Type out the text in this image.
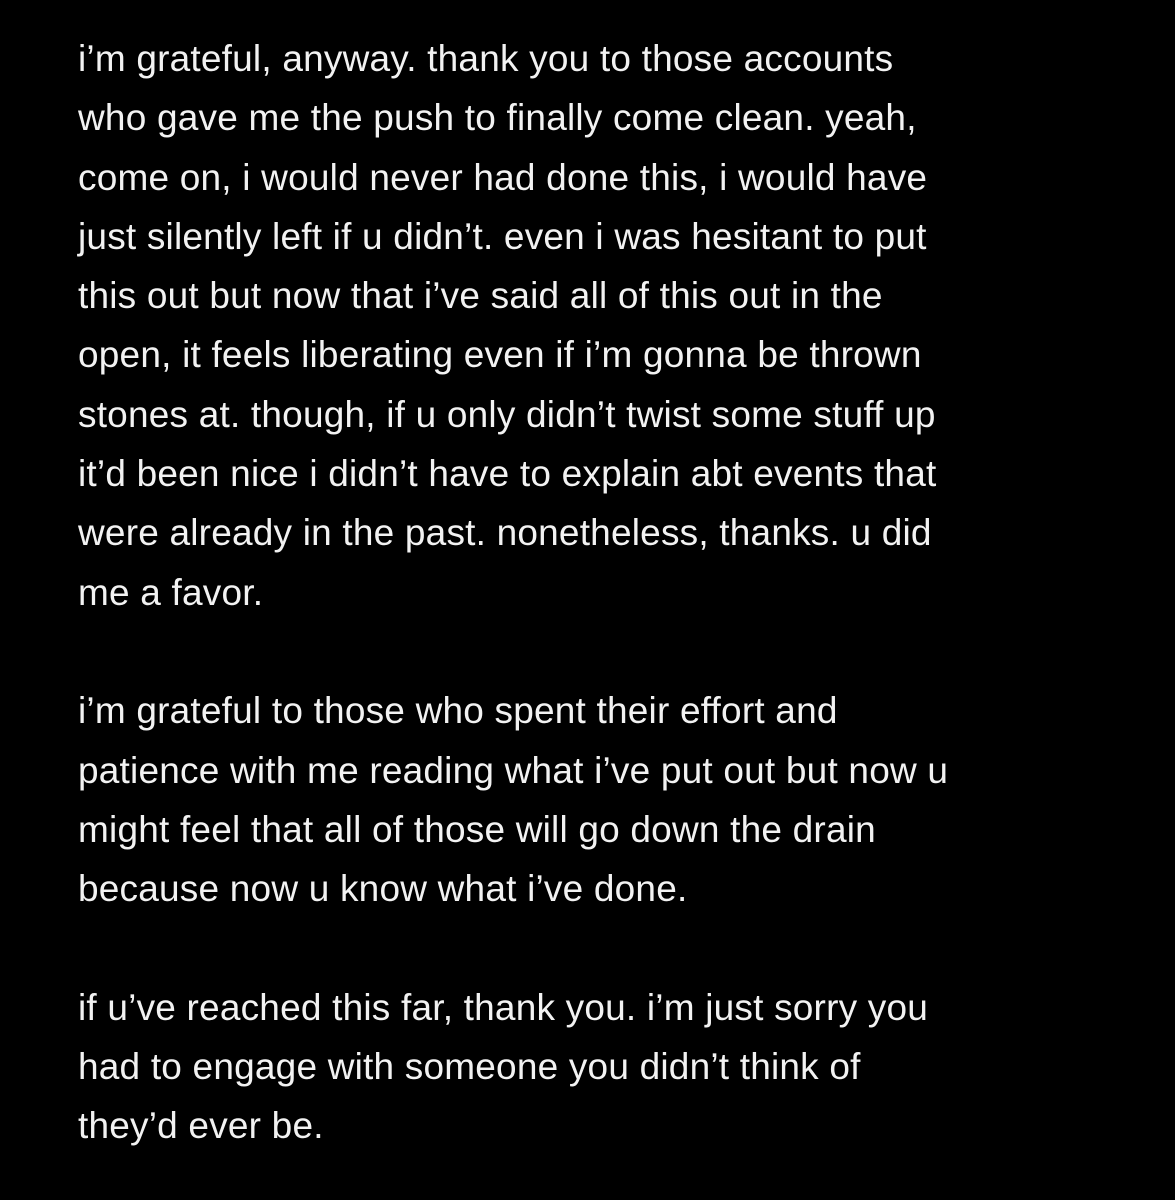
i’m grateful, anyway. thank you to those accounts
who gave me the push to finally come clean. yeah,
come on, i would never had done this, i would have
just silently left if u didn’t. even i was hesitant to put
this out but now that i’ve said all of this out in the
open, it feels liberating even if i’m gonna be thrown
stones at. though, if u only didn’t twist some stuff up
it’d been nice i didn’t have to explain abt events that
were already in the past. nonetheless, thanks. u did
me a favor.
i’m grateful to those who spent their effort and
patience with me reading what i’ve put out but now u
might feel that all of those will go down the drain
because now u know what i’ve done.
if u’ve reached this far, thank you. i’m just sorry you
had to engage with someone you didn’t think of
they’d ever be.
